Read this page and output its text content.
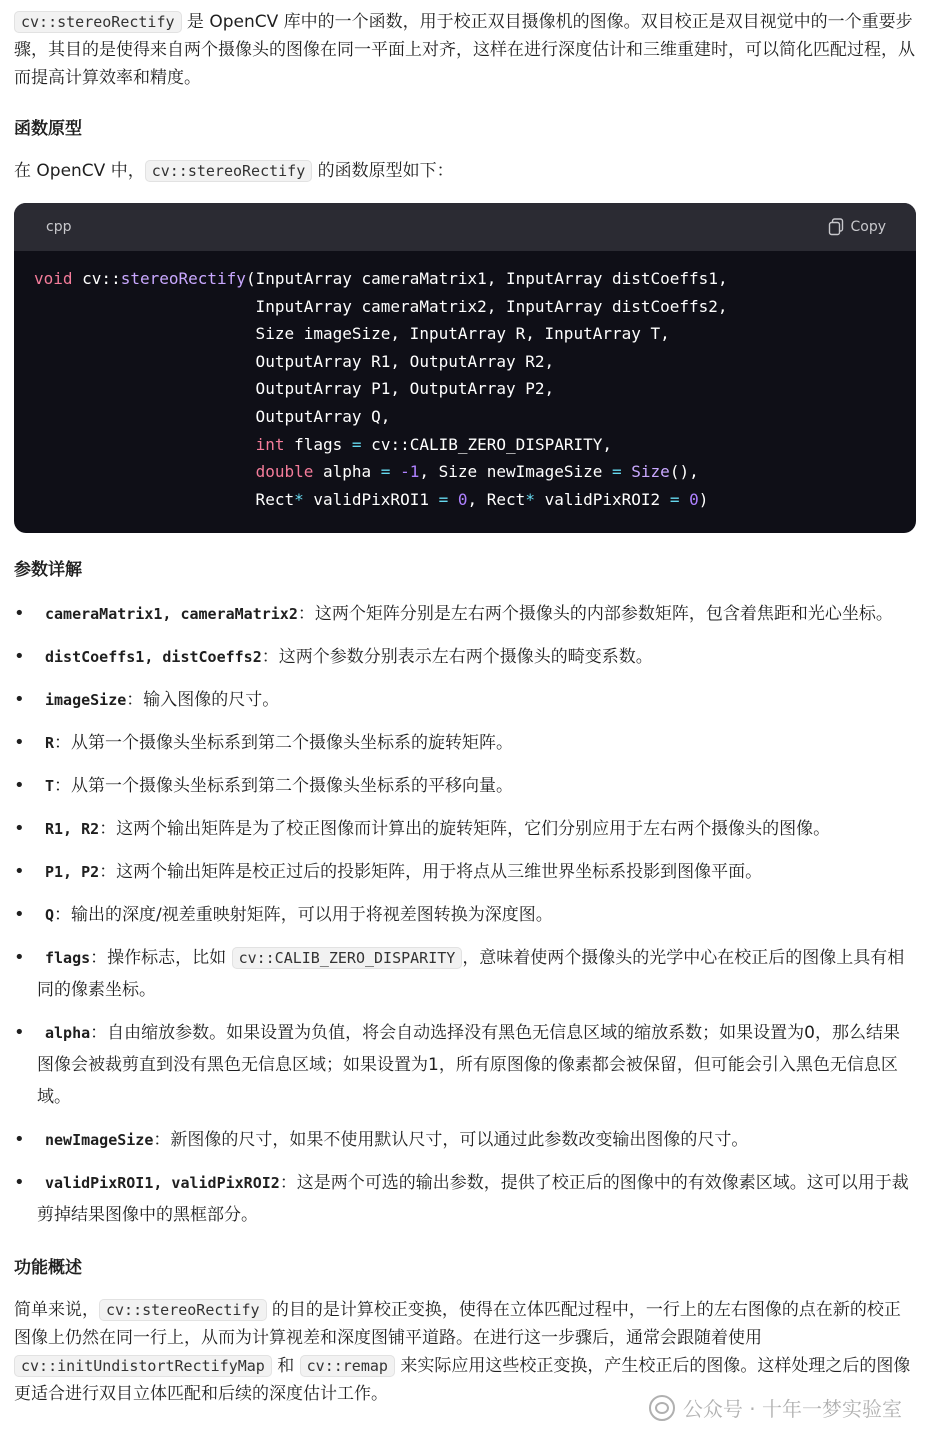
cv::stereoRectify 是 OpenCV 库中的一个函数，用于校正双目摄像机的图像。双目校正是双目视觉中的一个重要步骤，其目的是使得来自两个摄像头的图像在同一平面上对齐，这样在进行深度估计和三维重建时，可以简化匹配过程，从而提高计算效率和精度。

函数原型

在 OpenCV 中， cv::stereoRectify 的函数原型如下：

cpp	Copy
void cv::stereoRectify(InputArray cameraMatrix1, InputArray distCoeffs1,
InputArray cameraMatrix2, InputArray distCoeffs2,
Size imageSize, InputArray R, InputArray T,
OutputArray R1, OutputArray R2,
OutputArray P1, OutputArray P2,
OutputArray Q,
int flags = cv::CALIB_ZERO_DISPARITY,
double alpha = -1, Size newImageSize = Size(),
Rect* validPixROI1 = 0, Rect* validPixROI2 = 0)
参数详解
• cameraMatrix1, cameraMatrix2：这两个矩阵分别是左右两个摄像头的内部参数矩阵，包含着焦距和光心坐标。
• distCoeffs1, distCoeffs2：这两个参数分别表示左右两个摄像头的畸变系数。
• imageSize：输入图像的尺寸。
• R：从第一个摄像头坐标系到第二个摄像头坐标系的旋转矩阵。
• T：从第一个摄像头坐标系到第二个摄像头坐标系的平移向量。
• R1, R2：这两个输出矩阵是为了校正图像而计算出的旋转矩阵，它们分别应用于左右两个摄像头的图像。
• P1, P2：这两个输出矩阵是校正过后的投影矩阵，用于将点从三维世界坐标系投影到图像平面。
• Q：输出的深度/视差重映射矩阵，可以用于将视差图转换为深度图。
• flags：操作标志，比如 cv::CALIB_ZERO_DISPARITY ，意味着使两个摄像头的光学中心在校正后的图像上具有相同的像素坐标。
• alpha：自由缩放参数。如果设置为负值，将会自动选择没有黑色无信息区域的缩放系数；如果设置为0，那么结果图像会被裁剪直到没有黑色无信息区域；如果设置为1，所有原图像的像素都会被保留，但可能会引入黑色无信息区域。
• newImageSize：新图像的尺寸，如果不使用默认尺寸，可以通过此参数改变输出图像的尺寸。
• validPixROI1, validPixROI2：这是两个可选的输出参数，提供了校正后的图像中的有效像素区域。这可以用于裁剪掉结果图像中的黑框部分。
功能概述

简单来说， cv::stereoRectify 的目的是计算校正变换，使得在立体匹配过程中，一行上的左右图像的点在新的校正图像上仍然在同一行上，从而为计算视差和深度图铺平道路。在进行这一步骤后，通常会跟随着使用 cv::initUndistortRectifyMap 和 cv::remap 来实际应用这些校正变换，产生校正后的图像。这样处理之后的图像更适合进行双目立体匹配和后续的深度估计工作。

公众号 · 十年一梦实验室
